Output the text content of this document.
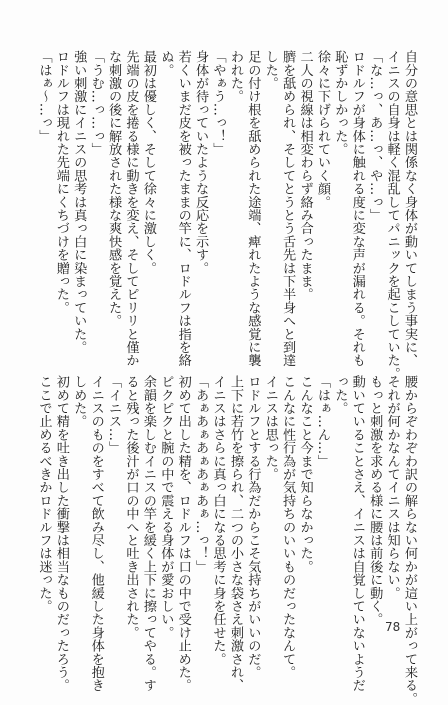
自分の意思とは関係なく身体が動いてしまう事実に、
イニスの自身は軽く混乱してパニックを起こしていた。
「な…っ、あ…っ、や…っ」
ロドルフが身体に触れる度に変な声が漏れる。それも
恥ずかしかった。
徐々に下げられていく顔。
二人の視線は相変わらず絡み合ったまま。
臍を舐められ、そしてとうとう舌先は下半身へと到達
した。
足の付け根を舐められた途端、痺れたような感覚に襲
われた。
「やぁう…っ！」
身体が待っていたような反応を示す。
若くいまだ皮を被ったままの竿に、ロドルフは指を絡
ぬ。
最初は優しく、そして徐々に激しく。
先端の皮を捲る様に動きを変え、そしてピリリと僅か
な刺激の後に解放された様な爽快感を覚えた。
「うむ…っ…っ」
強い刺激にイニスの思考は真っ白に染まっていた。
ロドルフは現れた先端にくちづけを贈った。
「はぁ～…っ」
腰からぞわぞわ訳の解らない何かが這い上がって来る。
それが何かなんてイニスは知らない。
もっと刺激を求める様に腰は前後に動く。
動いていることさえ、イニスは自覚していないようだ
った。
「はぁ…ん…」
こんなこと今まで知らなかった。
こんなに性行為が気持ちのいいものだったなんて。
イニスは思った。
ロドルフとする行為だからこそ気持ちがいいのだ。
上下に若竹を擦られ、二つの小さな袋さえ刺激され、
イニスはさらに真っ白になる思考に身を任せた。
「あぁあぁあぁあぁあぁ…っ！」
初めて出した精を、ロドルフは口の中で受け止めた。
ピクピクと腕の中で震える身体が愛おしい。
余韻を楽しむイニスの竿を緩く上下に擦ってやる。す
ると残った後汁が口の中へと吐き出された。
「イニス…」
イニスのものをすべて飲み尽し、他緩した身体を抱き
しめた。
初めて精を吐き出した衝撃は相当なものだったろう。
ここで止めるべきかロドルフは迷った。
78
